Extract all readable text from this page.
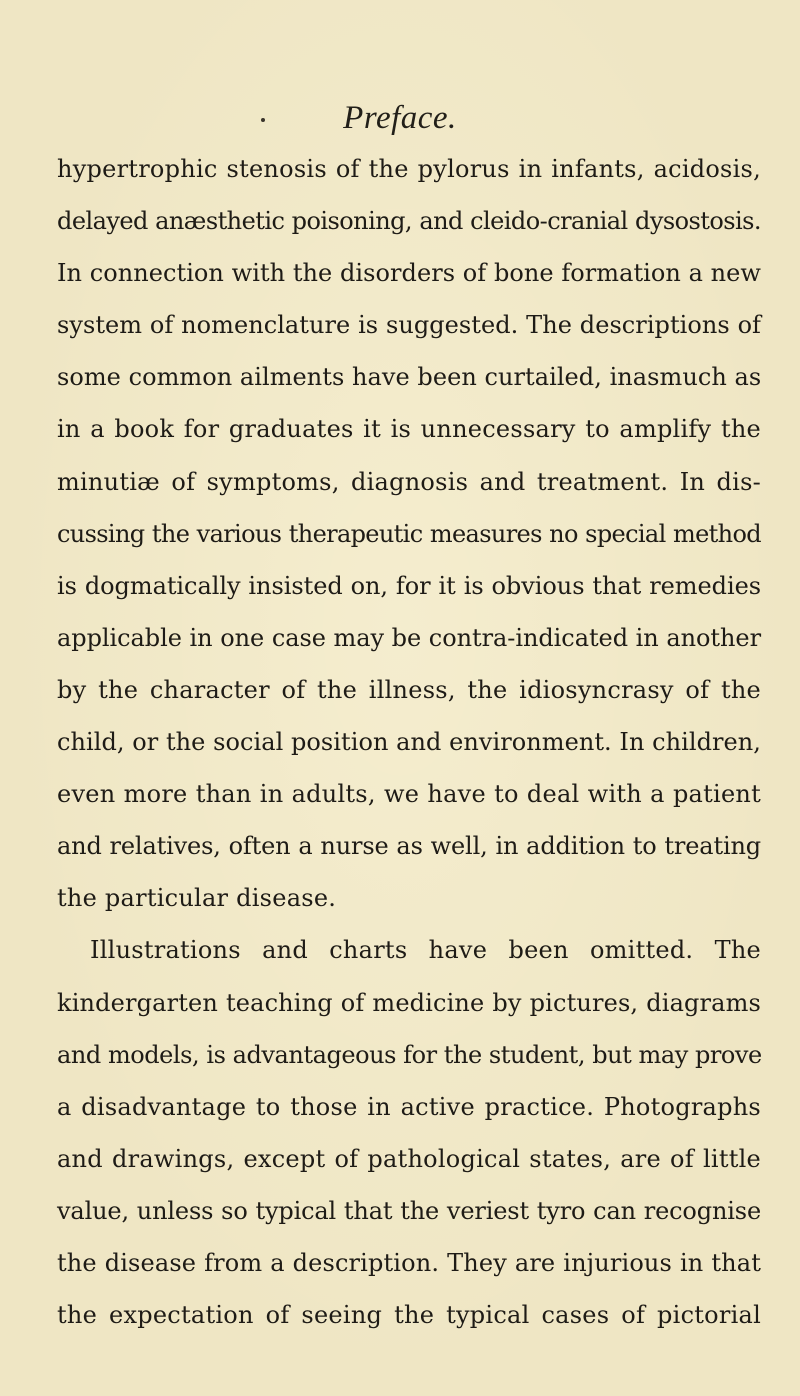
Preface.
hypertrophic stenosis of the pylorus in infants, acidosis,
delayed anæsthetic poisoning, and cleido-cranial dysostosis.
In connection with the disorders of bone formation a new
system of nomenclature is suggested. The descriptions of
some common ailments have been curtailed, inasmuch as
in a book for graduates it is unnecessary to amplify the
minutiæ of symptoms, diagnosis and treatment. In dis-
cussing the various therapeutic measures no special method
is dogmatically insisted on, for it is obvious that remedies
applicable in one case may be contra-indicated in another
by the character of the illness, the idiosyncrasy of the
child, or the social position and environment. In children,
even more than in adults, we have to deal with a patient
and relatives, often a nurse as well, in addition to treating
the particular disease.
Illustrations and charts have been omitted. The
kindergarten teaching of medicine by pictures, diagrams
and models, is advantageous for the student, but may prove
a disadvantage to those in active practice. Photographs
and drawings, except of pathological states, are of little
value, unless so typical that the veriest tyro can recognise
the disease from a description. They are injurious in that
the expectation of seeing the typical cases of pictorial
